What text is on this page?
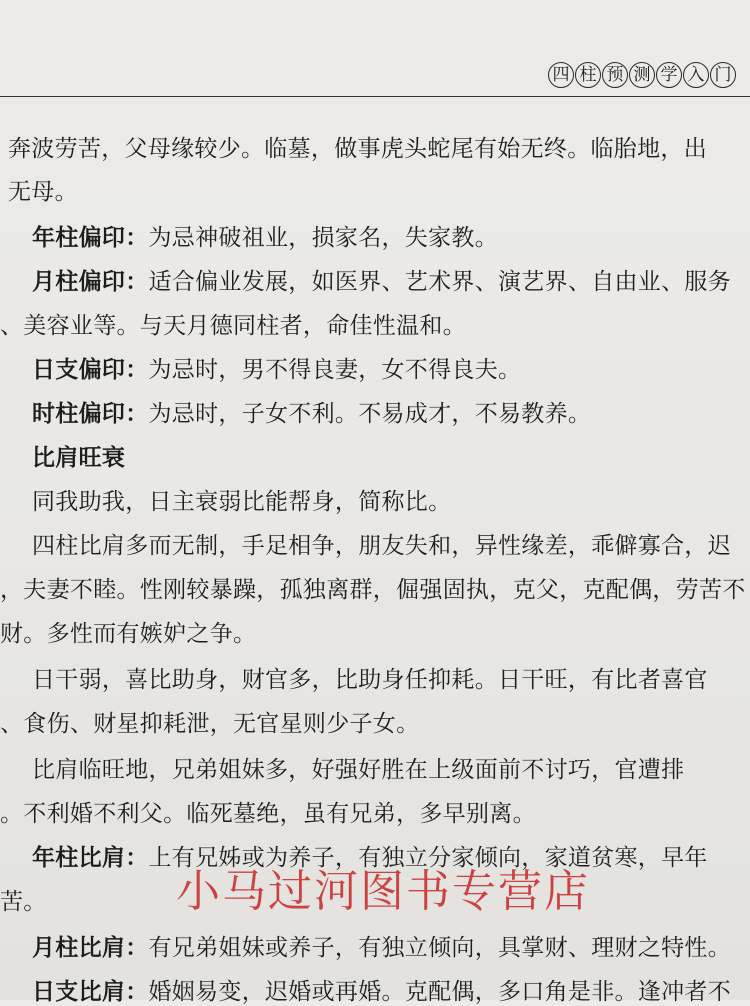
四 柱 预 测 学 入 门
奔波劳苦，父母缘较少。临墓，做事虎头蛇尾有始无终。临胎地，出
无母。
年柱偏印：为忌神破祖业，损家名，失家教。
月柱偏印：适合偏业发展，如医界、艺术界、演艺界、自由业、服务
、美容业等。与天月德同柱者，命佳性温和。
日支偏印：为忌时，男不得良妻，女不得良夫。
时柱偏印：为忌时，子女不利。不易成才，不易教养。
比肩旺衰
同我助我，日主衰弱比能帮身，简称比。
四柱比肩多而无制，手足相争，朋友失和，异性缘差，乖僻寡合，迟
，夫妻不睦。性刚较暴躁，孤独离群，倔强固执，克父，克配偶，劳苦不
财。多性而有嫉妒之争。
日干弱，喜比助身，财官多，比助身任抑耗。日干旺，有比者喜官
、食伤、财星抑耗泄，无官星则少子女。
比肩临旺地，兄弟姐妹多，好强好胜在上级面前不讨巧，官遭排
。不利婚不利父。临死墓绝，虽有兄弟，多早别离。
年柱比肩：上有兄姊或为养子，有独立分家倾向，家道贫寒，早年
苦。
月柱比肩：有兄弟姐妹或养子，有独立倾向，具掌财、理财之特性。
日支比肩：婚姻易变，迟婚或再婚。克配偶，多口角是非。逢冲者不
小马过河图书专营店
